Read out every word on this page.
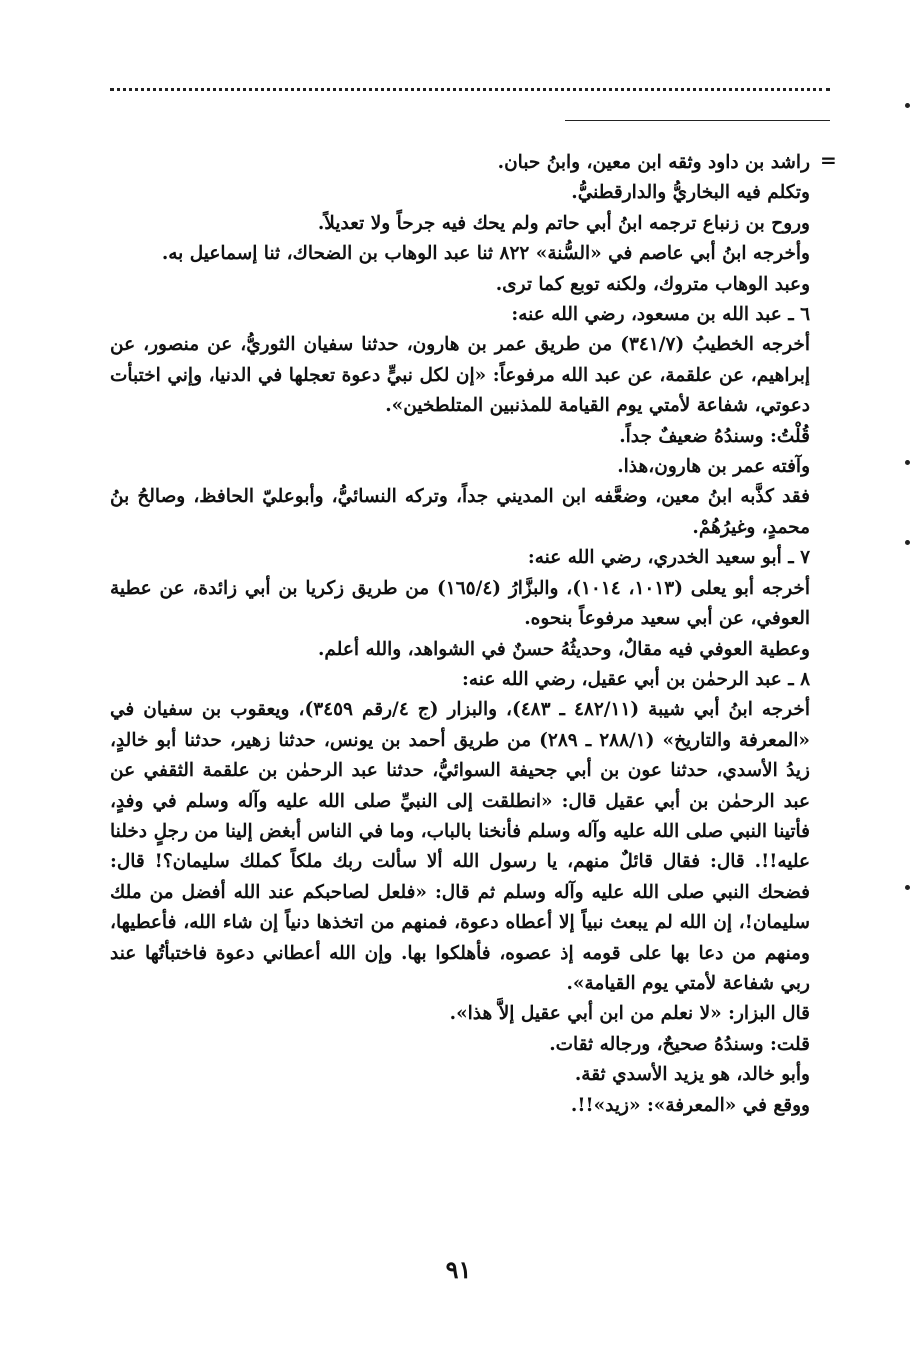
=

راشد بن داود وثقه ابن معين، وابنُ حبان.

وتكلم فيه البخاريُّ والدارقطنيُّ.

وروح بن زنباع ترجمه ابنُ أبي حاتم ولم يحك فيه جرحاً ولا تعديلاً.

وأخرجه ابنُ أبي عاصم في «السُّنة» ٨٢٢ ثنا عبد الوهاب بن الضحاك، ثنا إسماعيل به.

وعبد الوهاب متروك، ولكنه توبع كما ترى.

٦ ـ عبد الله بن مسعود، رضي الله عنه:

أخرجه الخطيبُ (٣٤١/٧) من طريق عمر بن هارون، حدثنا سفيان الثوريُّ، عن منصور، عن إبراهيم، عن علقمة، عن عبد الله مرفوعاً: «إن لكل نبيٍّ دعوة تعجلها في الدنيا، وإني اختبأت دعوتي، شفاعة لأمتي يوم القيامة للمذنبين المتلطخين».

قُلْتُ: وسندُهُ ضعيفٌ جداً.

وآفته عمر بن هارون،هذا.

فقد كذَّبه ابنُ معين، وضعَّفه ابن المديني جداً، وتركه النسائيُّ، وأبوعليّ الحافظ، وصالحُ بنُ محمدٍ، وغيرُهُمْ.

٧ ـ أبو سعيد الخدري، رضي الله عنه:

أخرجه أبو يعلى (١٠١٣، ١٠١٤)، والبزَّارُ (١٦٥/٤) من طريق زكريا بن أبي زائدة، عن عطية العوفي، عن أبي سعيد مرفوعاً بنحوه.

وعطية العوفي فيه مقالٌ، وحديثُهُ حسنٌ في الشواهد، والله أعلم.

٨ ـ عبد الرحمٰن بن أبي عقيل، رضي الله عنه:

أخرجه ابنُ أبي شيبة (٤٨٢/١١ ـ ٤٨٣)، والبزار (ج ٤/رقم ٣٤٥٩)، ويعقوب بن سفيان في «المعرفة والتاريخ» (٢٨٨/١ ـ ٢٨٩) من طريق أحمد بن يونس، حدثنا زهير، حدثنا أبو خالدٍ، زيدُ الأسدي، حدثنا عون بن أبي جحيفة السوائيُّ، حدثنا عبد الرحمٰن بن علقمة الثقفي عن عبد الرحمٰن بن أبي عقيل قال: «انطلقت إلى النبيِّ صلى الله عليه وآله وسلم في وفدٍ، فأتينا النبي صلى الله عليه وآله وسلم فأنخنا بالباب، وما في الناس أبغض إلينا من رجلٍ دخلنا عليه!!. قال: فقال قائلٌ منهم، يا رسول الله ألا سألت ربك ملكاً كملك سليمان؟! قال: فضحك النبي صلى الله عليه وآله وسلم ثم قال: «فلعل لصاحبكم عند الله أفضل من ملك سليمان!، إن الله لم يبعث نبياً إلا أعطاه دعوة، فمنهم من اتخذها دنياً إن شاء الله، فأعطيها، ومنهم من دعا بها على قومه إذ عصوه، فأهلكوا بها. وإن الله أعطاني دعوة فاختبأتُها عند ربي شفاعة لأمتي يوم القيامة».

قال البزار: «لا نعلم من ابن أبي عقيل إلاَّ هذا».

قلت: وسندُهُ صحيحٌ، ورجاله ثقات.

وأبو خالد، هو يزيد الأسدي ثقة.

ووقع في «المعرفة»: «زيد»!!.

٩١
